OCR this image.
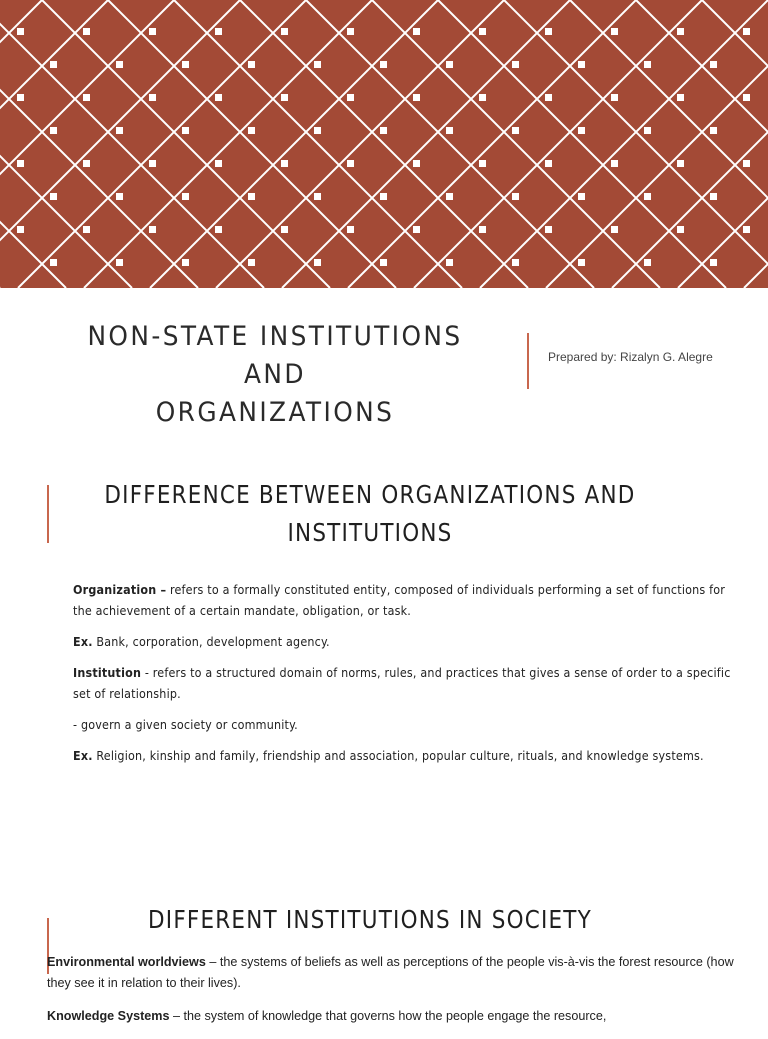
NON-STATE INSTITUTIONS AND
ORGANIZATIONS
Prepared by: Rizalyn G. Alegre
DIFFERENCE BETWEEN ORGANIZATIONS AND
INSTITUTIONS

Organization – refers to a formally constituted entity, composed of individuals performing a set of functions for the achievement of a certain mandate, obligation, or task.

Ex. Bank, corporation, development agency.

Institution - refers to a structured domain of norms, rules, and practices that gives a sense of order to a specific set of relationship.

- govern a given society or community.

Ex. Religion, kinship and family, friendship and association, popular culture, rituals, and knowledge systems.

DIFFERENT INSTITUTIONS IN SOCIETY

Environmental worldviews – the systems of beliefs as well as perceptions of the people vis-à-vis the forest resource (how they see it in relation to their lives).

Knowledge Systems – the system of knowledge that governs how the people engage the resource,
